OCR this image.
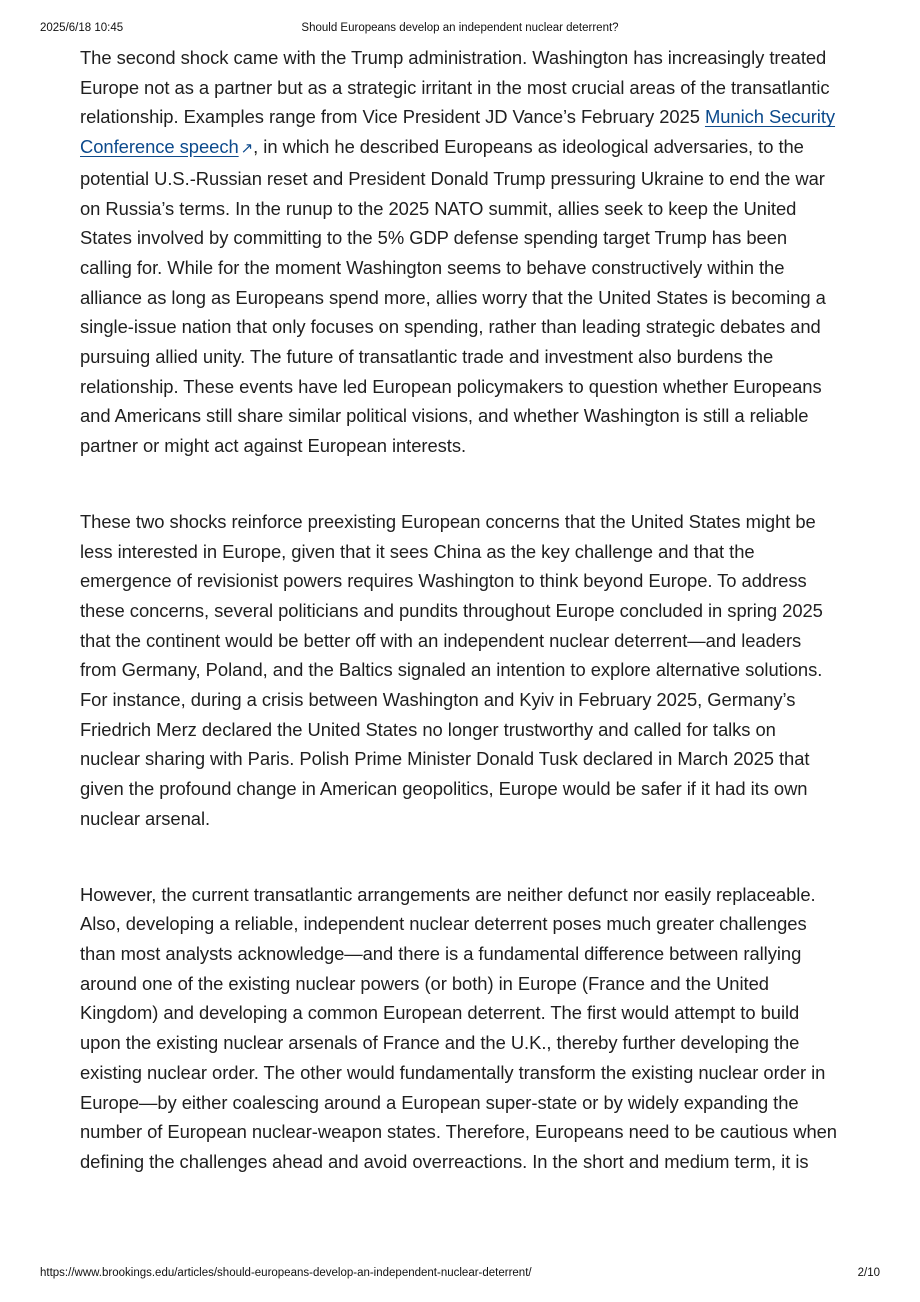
2025/6/18 10:45	Should Europeans develop an independent nuclear deterrent?

The second shock came with the Trump administration. Washington has increasingly treated Europe not as a partner but as a strategic irritant in the most crucial areas of the transatlantic relationship. Examples range from Vice President JD Vance’s February 2025 Munich Security Conference speech ↗, in which he described Europeans as ideological adversaries, to the potential U.S.-Russian reset and President Donald Trump pressuring Ukraine to end the war on Russia’s terms. In the runup to the 2025 NATO summit, allies seek to keep the United States involved by committing to the 5% GDP defense spending target Trump has been calling for. While for the moment Washington seems to behave constructively within the alliance as long as Europeans spend more, allies worry that the United States is becoming a single-issue nation that only focuses on spending, rather than leading strategic debates and pursuing allied unity. The future of transatlantic trade and investment also burdens the relationship. These events have led European policymakers to question whether Europeans and Americans still share similar political visions, and whether Washington is still a reliable partner or might act against European interests.

These two shocks reinforce preexisting European concerns that the United States might be less interested in Europe, given that it sees China as the key challenge and that the emergence of revisionist powers requires Washington to think beyond Europe. To address these concerns, several politicians and pundits throughout Europe concluded in spring 2025 that the continent would be better off with an independent nuclear deterrent—and leaders from Germany, Poland, and the Baltics signaled an intention to explore alternative solutions. For instance, during a crisis between Washington and Kyiv in February 2025, Germany’s Friedrich Merz declared the United States no longer trustworthy and called for talks on nuclear sharing with Paris. Polish Prime Minister Donald Tusk declared in March 2025 that given the profound change in American geopolitics, Europe would be safer if it had its own nuclear arsenal.

However, the current transatlantic arrangements are neither defunct nor easily replaceable. Also, developing a reliable, independent nuclear deterrent poses much greater challenges than most analysts acknowledge—and there is a fundamental difference between rallying around one of the existing nuclear powers (or both) in Europe (France and the United Kingdom) and developing a common European deterrent. The first would attempt to build upon the existing nuclear arsenals of France and the U.K., thereby further developing the existing nuclear order. The other would fundamentally transform the existing nuclear order in Europe—by either coalescing around a European super-state or by widely expanding the number of European nuclear-weapon states. Therefore, Europeans need to be cautious when defining the challenges ahead and avoid overreactions. In the short and medium term, it is

https://www.brookings.edu/articles/should-europeans-develop-an-independent-nuclear-deterrent/	2/10
